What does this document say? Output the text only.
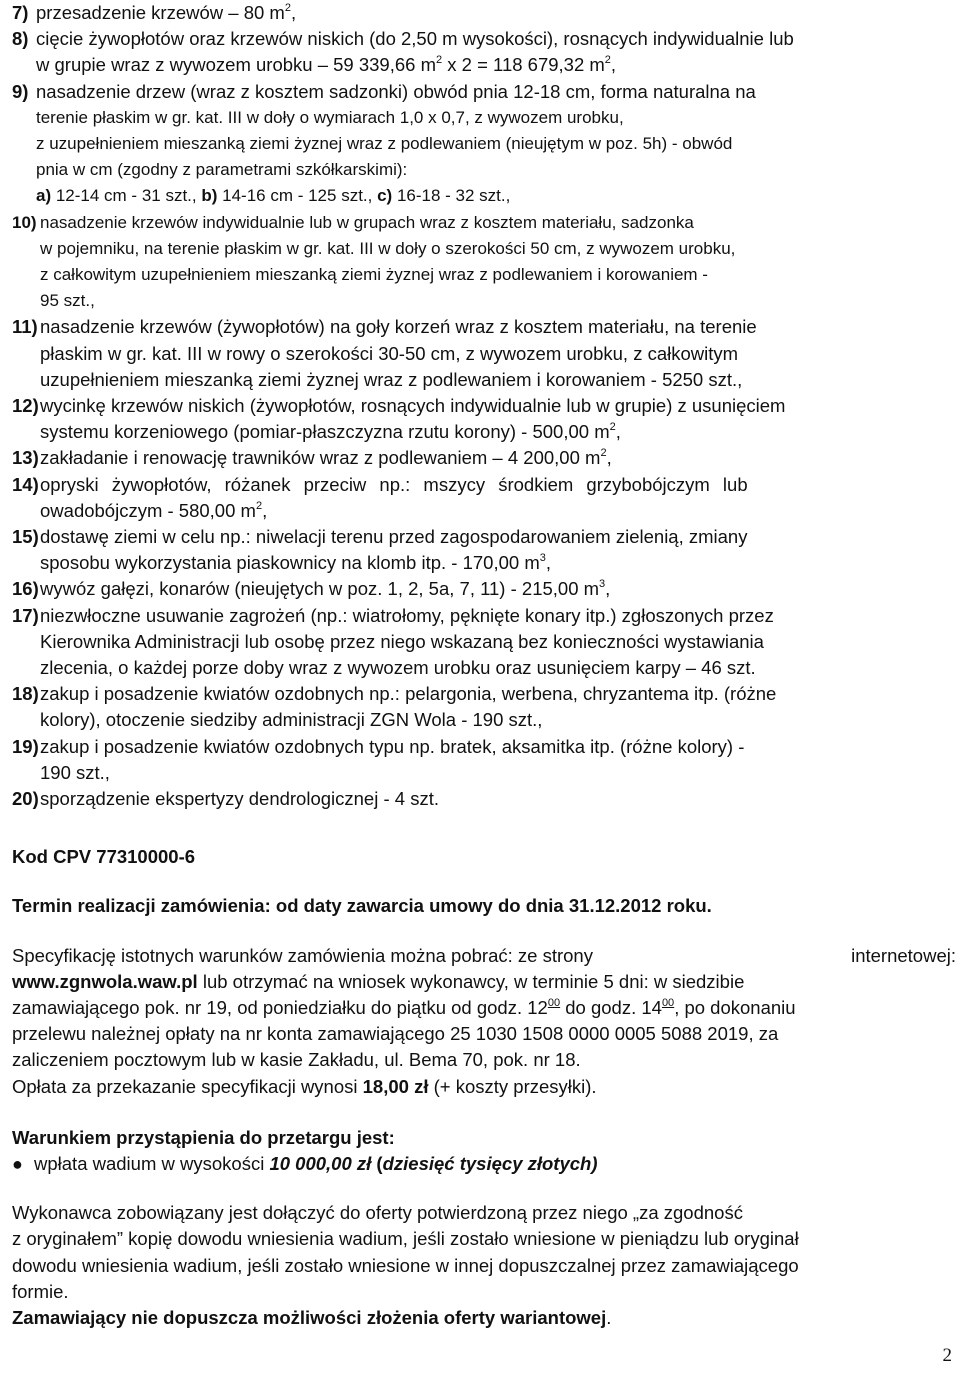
7) przesadzenie krzewów – 80 $m^2$,
8) cięcie żywopłotów oraz krzewów niskich (do 2,50 m wysokości), rosnących indywidualnie lub
w grupie wraz z wywozem urobku – 59 339,66 $m^2$ x 2 = 118 679,32 $m^2$,
9) nasadzenie drzew (wraz z kosztem sadzonki) obwód pnia 12-18 cm, forma naturalna na
terenie płaskim w gr. kat. III w doły o wymiarach 1,0 x 0,7, z wywozem urobku,
z uzupełnieniem mieszanką ziemi żyznej wraz z podlewaniem (nieujętym w poz. 5h) - obwód
pnia w cm (zgodny z parametrami szkółkarskimi):
a) 12-14 cm - 31 szt., b) 14-16 cm - 125 szt., c) 16-18 - 32 szt.,
10) nasadzenie krzewów indywidualnie lub w grupach wraz z kosztem materiału, sadzonka
w pojemniku, na terenie płaskim w gr. kat. III w doły o szerokości 50 cm, z wywozem urobku,
z całkowitym uzupełnieniem mieszanką ziemi żyznej wraz z podlewaniem i korowaniem -
95 szt.,
11) nasadzenie krzewów (żywopłotów) na goły korzeń wraz z kosztem materiału, na terenie
płaskim w gr. kat. III w rowy o szerokości 30-50 cm, z wywozem urobku, z całkowitym
uzupełnieniem mieszanką ziemi żyznej wraz z podlewaniem i korowaniem - 5250 szt.,
12) wycinkę krzewów niskich (żywopłotów, rosnących indywidualnie lub w grupie) z usunięciem
systemu korzeniowego (pomiar-płaszczyzna rzutu korony) - 500,00 $m^2$,
13) zakładanie i renowację trawników wraz z podlewaniem – 4 200,00 $m^2$,
14) opryski żywopłotów, różanek przeciw np.: mszycy środkiem grzybobójczym lub
owadobójczym - 580,00 $m^2$,
15) dostawę ziemi w celu np.: niwelacji terenu przed zagospodarowaniem zielenią, zmiany
sposobu wykorzystania piaskownicy na klomb itp. - 170,00 $m^3$,
16) wywóz gałęzi, konarów (nieujętych w poz. 1, 2, 5a, 7, 11) - 215,00 $m^3$,
17) niezwłoczne usuwanie zagrożeń (np.: wiatrołomy, pęknięte konary itp.) zgłoszonych przez
Kierownika Administracji lub osobę przez niego wskazaną bez konieczności wystawiania
zlecenia, o każdej porze doby wraz z wywozem urobku oraz usunięciem karpy – 46 szt.
18) zakup i posadzenie kwiatów ozdobnych np.: pelargonia, werbena, chryzantema itp. (różne
kolory), otoczenie siedziby administracji ZGN Wola - 190 szt.,
19) zakup i posadzenie kwiatów ozdobnych typu np. bratek, aksamitka itp. (różne kolory) -
190 szt.,
20) sporządzenie ekspertyzy dendrologicznej - 4 szt.
Kod CPV 77310000-6
Termin realizacji zamówienia: od daty zawarcia umowy do dnia 31.12.2012 roku.
Specyfikację istotnych warunków zamówienia można pobrać: ze strony	internetowej:
www.zgnwola.waw.pl lub otrzymać na wniosek wykonawcy, w terminie 5 dni: w siedzibie
zamawiającego pok. nr 19, od poniedziałku do piątku od godz. $12^{00}$ do godz. $14^{00}$, po dokonaniu
przelewu należnej opłaty na nr konta zamawiającego 25 1030 1508 0000 0005 5088 2019, za
zaliczeniem pocztowym lub w kasie Zakładu, ul. Bema 70, pok. nr 18.
Opłata za przekazanie specyfikacji wynosi 18,00 zł (+ koszty przesyłki).
Warunkiem przystąpienia do przetargu jest:
● wpłata wadium w wysokości 10 000,00 zł (dziesięć tysięcy złotych)
Wykonawca zobowiązany jest dołączyć do oferty potwierdzoną przez niego „za zgodność
z oryginałem” kopię dowodu wniesienia wadium, jeśli zostało wniesione w pieniądzu lub oryginał
dowodu wniesienia wadium, jeśli zostało wniesione w innej dopuszczalnej przez zamawiającego
formie.
Zamawiający nie dopuszcza możliwości złożenia oferty wariantowej.
2
